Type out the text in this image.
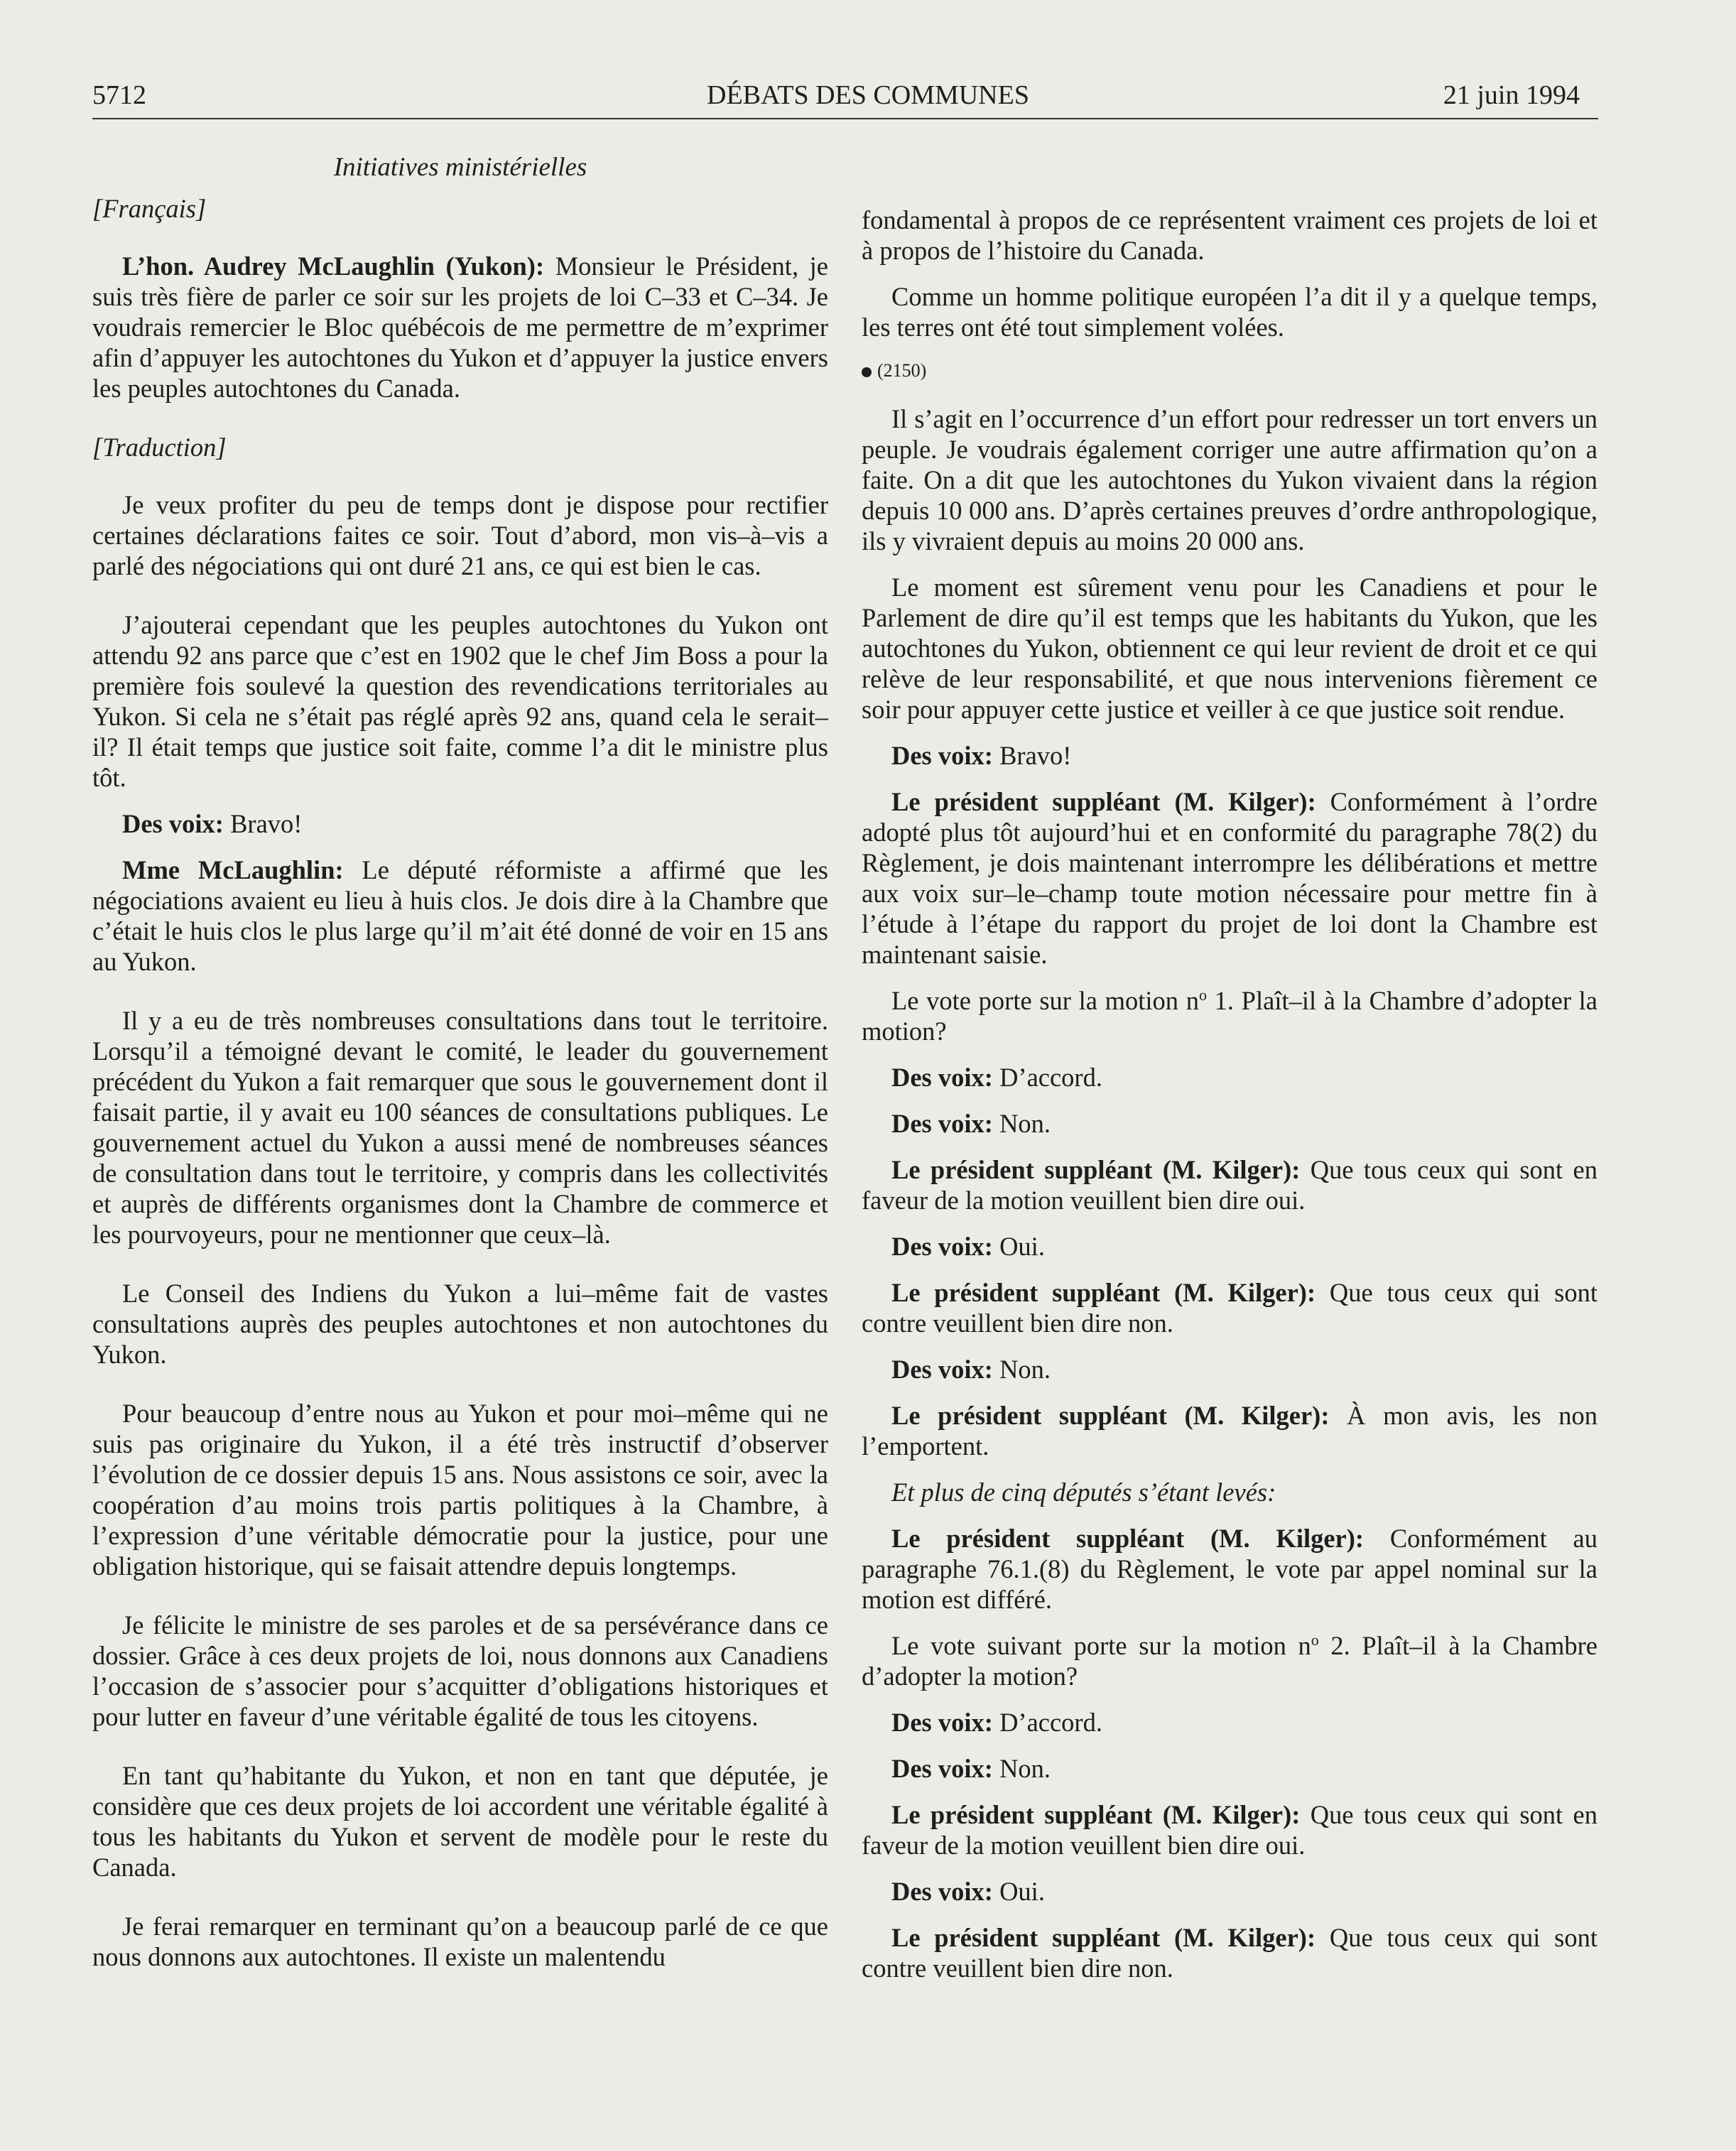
5712	DÉBATS DES COMMUNES	21 juin 1994
Initiatives ministérielles

[Français]

L’hon. Audrey McLaughlin (Yukon): Monsieur le Président, je suis très fière de parler ce soir sur les projets de loi C–33 et C–34. Je voudrais remercier le Bloc québécois de me permettre de m’exprimer afin d’appuyer les autochtones du Yukon et d’appuyer la justice envers les peuples autochtones du Canada.

[Traduction]

Je veux profiter du peu de temps dont je dispose pour rectifier certaines déclarations faites ce soir. Tout d’abord, mon vis–à–vis a parlé des négociations qui ont duré 21 ans, ce qui est bien le cas.

J’ajouterai cependant que les peuples autochtones du Yukon ont attendu 92 ans parce que c’est en 1902 que le chef Jim Boss a pour la première fois soulevé la question des revendications territoriales au Yukon. Si cela ne s’était pas réglé après 92 ans, quand cela le serait–il? Il était temps que justice soit faite, comme l’a dit le ministre plus tôt.

Des voix: Bravo!

Mme McLaughlin: Le député réformiste a affirmé que les négociations avaient eu lieu à huis clos. Je dois dire à la Chambre que c’était le huis clos le plus large qu’il m’ait été donné de voir en 15 ans au Yukon.

Il y a eu de très nombreuses consultations dans tout le territoire. Lorsqu’il a témoigné devant le comité, le leader du gouvernement précédent du Yukon a fait remarquer que sous le gouvernement dont il faisait partie, il y avait eu 100 séances de consultations publiques. Le gouvernement actuel du Yukon a aussi mené de nombreuses séances de consultation dans tout le territoire, y compris dans les collectivités et auprès de différents organismes dont la Chambre de commerce et les pourvoyeurs, pour ne mentionner que ceux–là.

Le Conseil des Indiens du Yukon a lui–même fait de vastes consultations auprès des peuples autochtones et non autochtones du Yukon.

Pour beaucoup d’entre nous au Yukon et pour moi–même qui ne suis pas originaire du Yukon, il a été très instructif d’observer l’évolution de ce dossier depuis 15 ans. Nous assistons ce soir, avec la coopération d’au moins trois partis politiques à la Chambre, à l’expression d’une véritable démocratie pour la justice, pour une obligation historique, qui se faisait attendre depuis longtemps.

Je félicite le ministre de ses paroles et de sa persévérance dans ce dossier. Grâce à ces deux projets de loi, nous donnons aux Canadiens l’occasion de s’associer pour s’acquitter d’obligations historiques et pour lutter en faveur d’une véritable égalité de tous les citoyens.

En tant qu’habitante du Yukon, et non en tant que députée, je considère que ces deux projets de loi accordent une véritable égalité à tous les habitants du Yukon et servent de modèle pour le reste du Canada.

Je ferai remarquer en terminant qu’on a beaucoup parlé de ce que nous donnons aux autochtones. Il existe un malentendu

fondamental à propos de ce représentent vraiment ces projets de loi et à propos de l’histoire du Canada.

Comme un homme politique européen l’a dit il y a quelque temps, les terres ont été tout simplement volées.

(2150)

Il s’agit en l’occurrence d’un effort pour redresser un tort envers un peuple. Je voudrais également corriger une autre affirmation qu’on a faite. On a dit que les autochtones du Yukon vivaient dans la région depuis 10 000 ans. D’après certaines preuves d’ordre anthropologique, ils y vivraient depuis au moins 20 000 ans.

Le moment est sûrement venu pour les Canadiens et pour le Parlement de dire qu’il est temps que les habitants du Yukon, que les autochtones du Yukon, obtiennent ce qui leur revient de droit et ce qui relève de leur responsabilité, et que nous intervenions fièrement ce soir pour appuyer cette justice et veiller à ce que justice soit rendue.

Des voix: Bravo!

Le président suppléant (M. Kilger): Conformément à l’ordre adopté plus tôt aujourd’hui et en conformité du paragraphe 78(2) du Règlement, je dois maintenant interrompre les délibérations et mettre aux voix sur–le–champ toute motion nécessaire pour mettre fin à l’étude à l’étape du rapport du projet de loi dont la Chambre est maintenant saisie.

Le vote porte sur la motion $n^o$ 1. Plaît–il à la Chambre d’adopter la motion?

Des voix: D’accord.

Des voix: Non.

Le président suppléant (M. Kilger): Que tous ceux qui sont en faveur de la motion veuillent bien dire oui.

Des voix: Oui.

Le président suppléant (M. Kilger): Que tous ceux qui sont contre veuillent bien dire non.

Des voix: Non.

Le président suppléant (M. Kilger): À mon avis, les non l’emportent.

Et plus de cinq députés s’étant levés:

Le président suppléant (M. Kilger): Conformément au paragraphe 76.1.(8) du Règlement, le vote par appel nominal sur la motion est différé.

Le vote suivant porte sur la motion $n^o$ 2. Plaît–il à la Chambre d’adopter la motion?

Des voix: D’accord.

Des voix: Non.

Le président suppléant (M. Kilger): Que tous ceux qui sont en faveur de la motion veuillent bien dire oui.

Des voix: Oui.

Le président suppléant (M. Kilger): Que tous ceux qui sont contre veuillent bien dire non.
